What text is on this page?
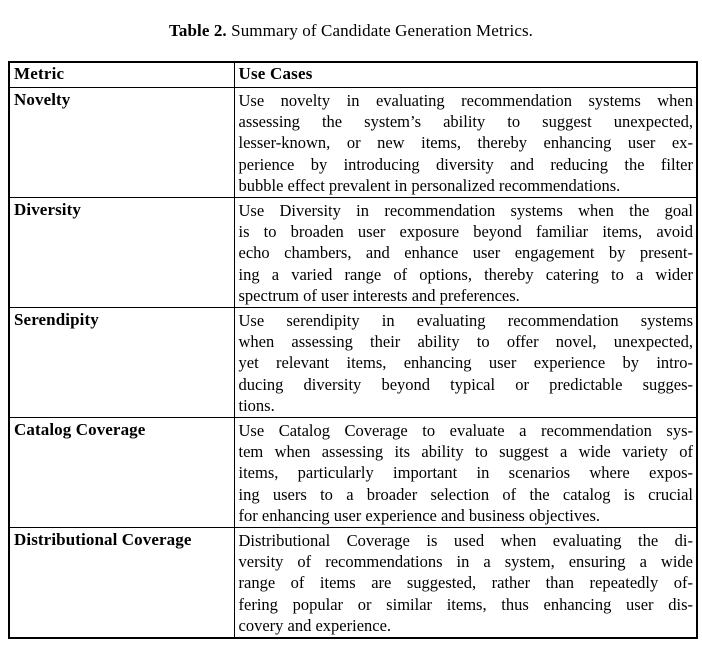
Table 2. Summary of Candidate Generation Metrics.
Metric	Use Cases
Novelty	Use novelty in evaluating recommendation systems when
assessing the system’s ability to suggest unexpected,
lesser-known, or new items, thereby enhancing user ex-
perience by introducing diversity and reducing the filter
bubble effect prevalent in personalized recommendations.

Diversity	Use Diversity in recommendation systems when the goal
is to broaden user exposure beyond familiar items, avoid
echo chambers, and enhance user engagement by present-
ing a varied range of options, thereby catering to a wider
spectrum of user interests and preferences.

Serendipity	Use serendipity in evaluating recommendation systems
when assessing their ability to offer novel, unexpected,
yet relevant items, enhancing user experience by intro-
ducing diversity beyond typical or predictable sugges-
tions.

Catalog Coverage	Use Catalog Coverage to evaluate a recommendation sys-
tem when assessing its ability to suggest a wide variety of
items, particularly important in scenarios where expos-
ing users to a broader selection of the catalog is crucial
for enhancing user experience and business objectives.

Distributional Coverage	Distributional Coverage is used when evaluating the di-
versity of recommendations in a system, ensuring a wide
range of items are suggested, rather than repeatedly of-
fering popular or similar items, thus enhancing user dis-
covery and experience.
